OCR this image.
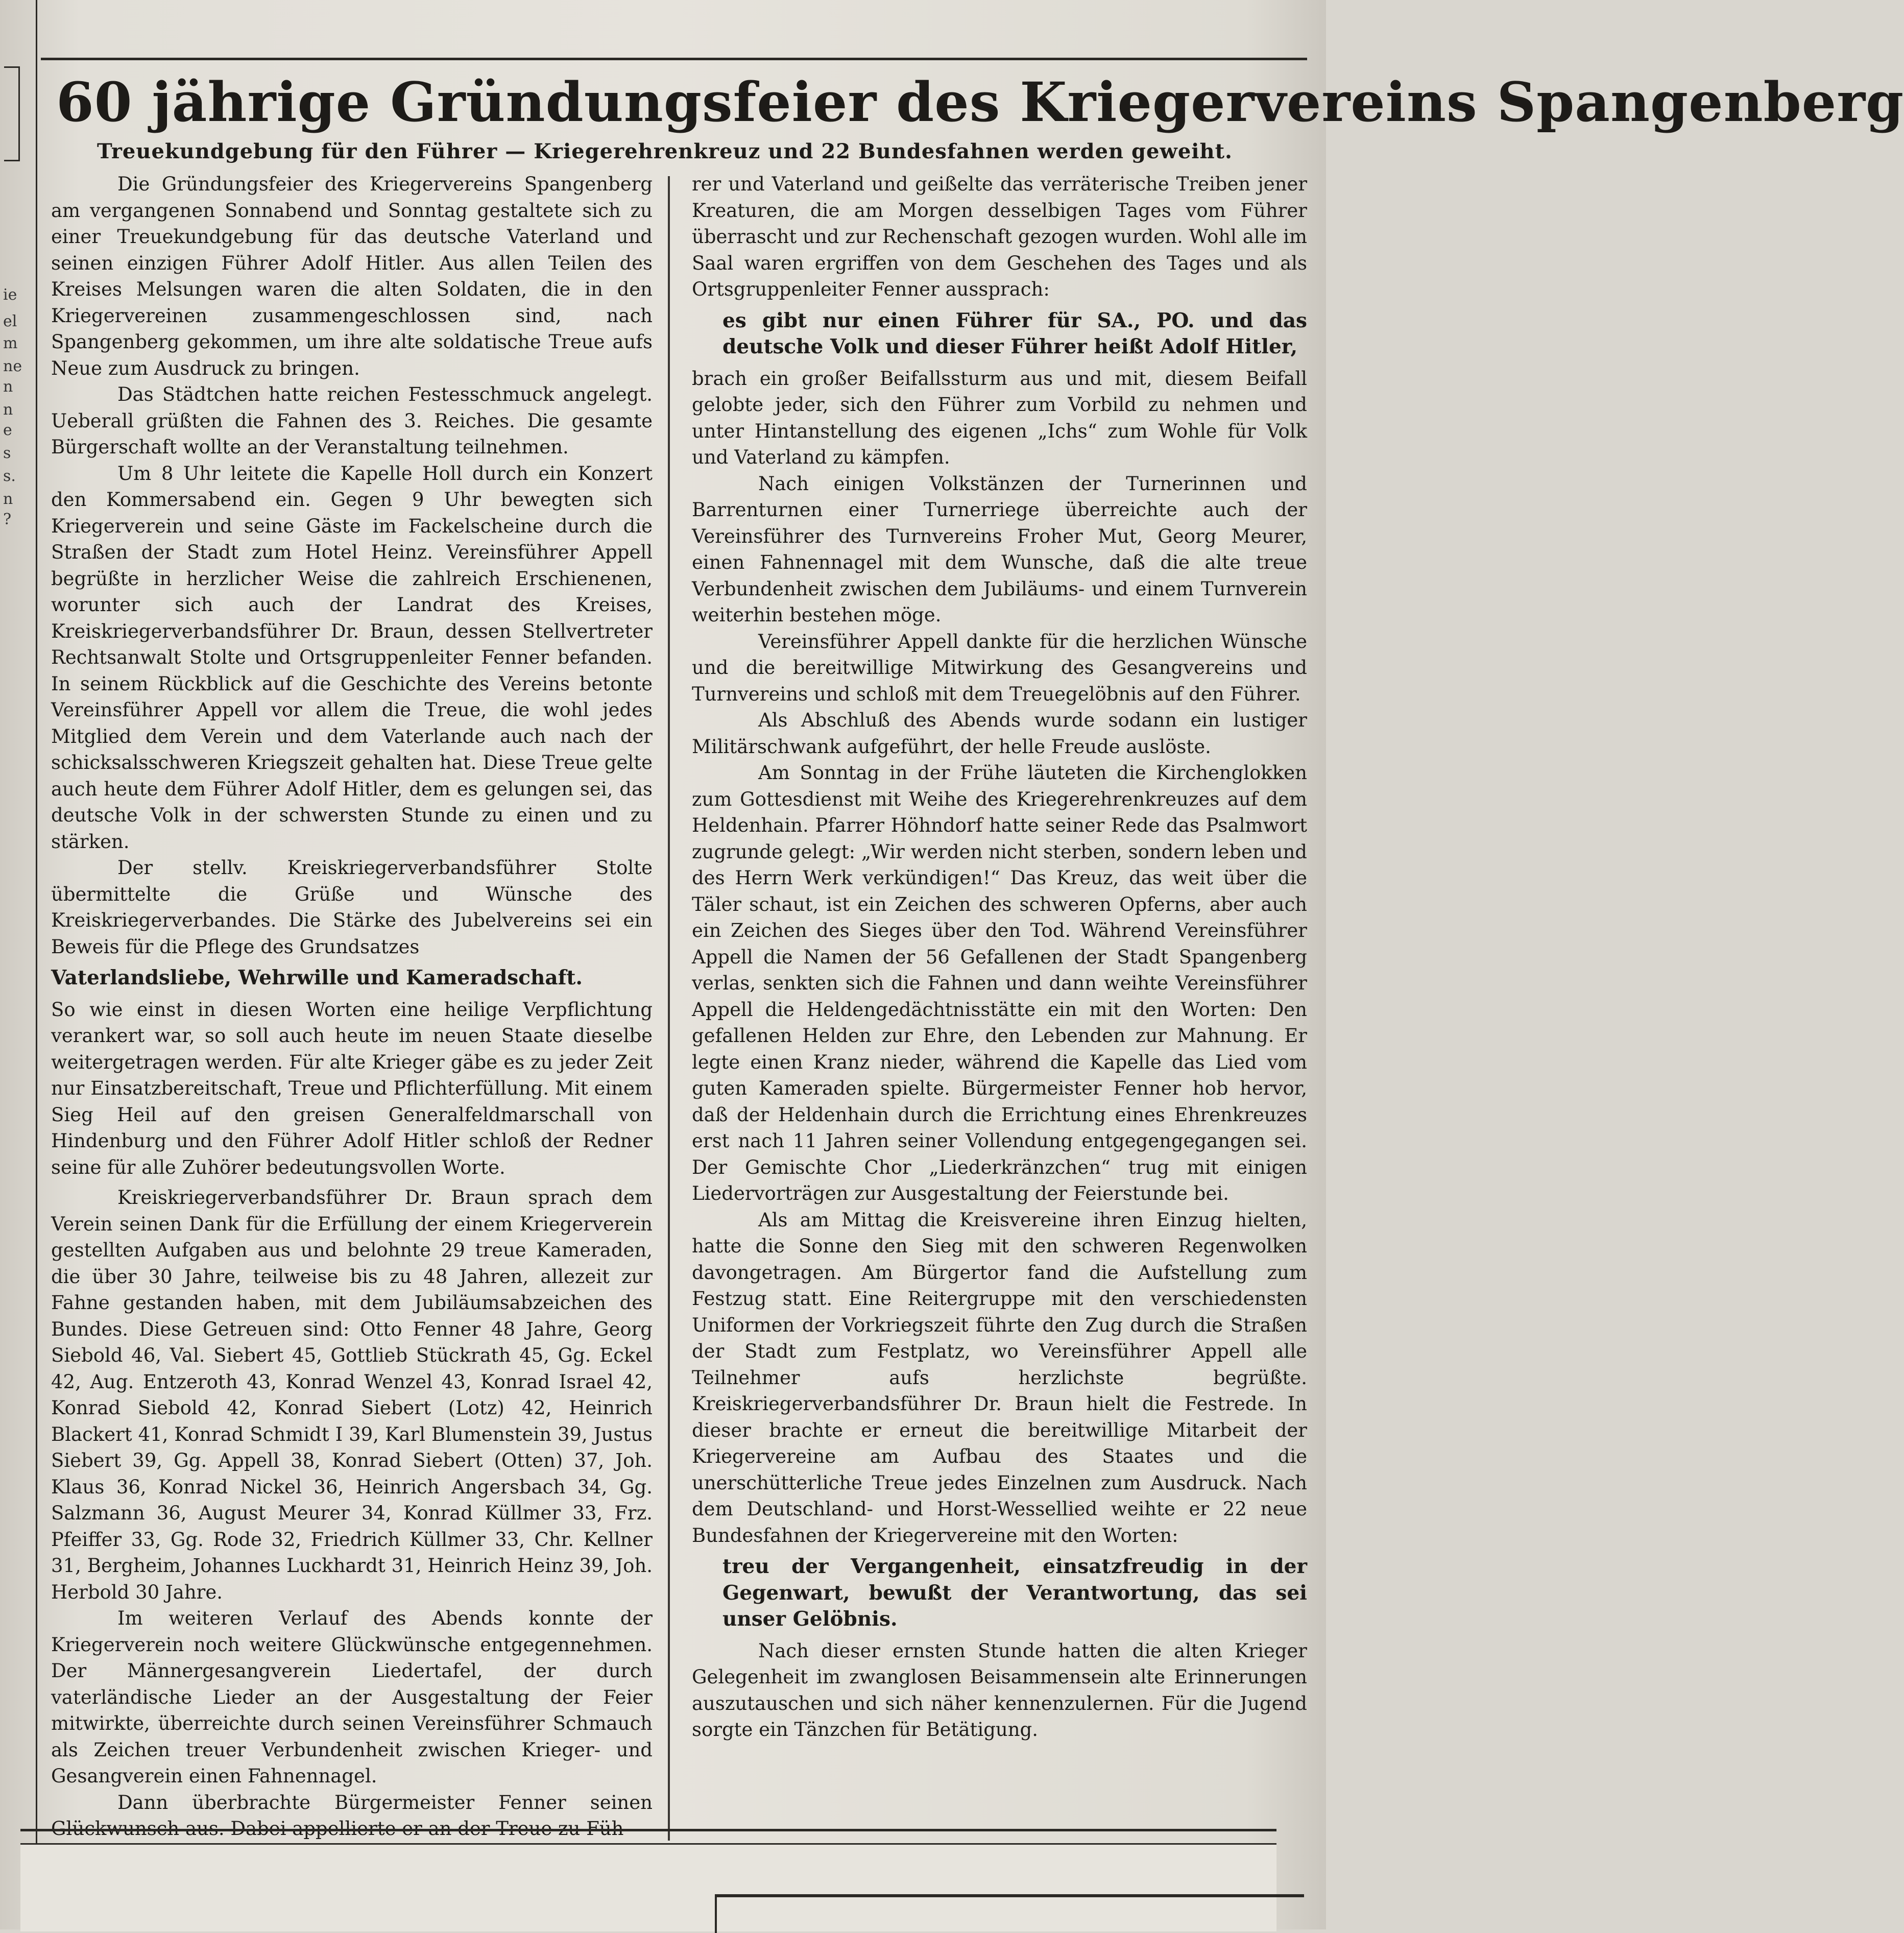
ie
el
m
ne
n
n
e
s
s.
n
?
60 jährige Gründungsfeier des Kriegervereins Spangenberg
Treuekundgebung für den Führer — Kriegerehrenkreuz und 22 Bundesfahnen werden geweiht.

Die Gründungsfeier des Kriegervereins Spangenberg am vergangenen Sonnabend und Sonntag gestaltete sich zu einer Treuekundgebung für das deutsche Vaterland und seinen einzigen Führer Adolf Hitler. Aus allen Teilen des Kreises Melsungen waren die alten Soldaten, die in den Kriegervereinen zusammengeschlossen sind, nach Spangenberg gekommen, um ihre alte soldatische Treue aufs Neue zum Ausdruck zu bringen.

Das Städtchen hatte reichen Festesschmuck angelegt. Ueberall grüßten die Fahnen des 3. Reiches. Die gesamte Bürgerschaft wollte an der Veranstaltung teilnehmen.

Um 8 Uhr leitete die Kapelle Holl durch ein Konzert den Kommersabend ein. Gegen 9 Uhr bewegten sich Kriegerverein und seine Gäste im Fackelscheine durch die Straßen der Stadt zum Hotel Heinz. Vereinsführer Appell begrüßte in herzlicher Weise die zahlreich Erschienenen, worunter sich auch der Landrat des Kreises, Kreiskriegerverbandsführer Dr. Braun, dessen Stellvertreter Rechtsanwalt Stolte und Ortsgruppenleiter Fenner befanden. In seinem Rückblick auf die Geschichte des Vereins betonte Vereinsführer Appell vor allem die Treue, die wohl jedes Mitglied dem Verein und dem Vaterlande auch nach der schicksalsschweren Kriegszeit gehalten hat. Diese Treue gelte auch heute dem Führer Adolf Hitler, dem es gelungen sei, das deutsche Volk in der schwersten Stunde zu einen und zu stärken.

Der stellv. Kreiskriegerverbandsführer Stolte übermittelte die Grüße und Wünsche des Kreiskriegerverbandes. Die Stärke des Jubelvereins sei ein Beweis für die Pflege des Grundsatzes

Vaterlandsliebe, Wehrwille und Kameradschaft.

So wie einst in diesen Worten eine heilige Verpflichtung verankert war, so soll auch heute im neuen Staate dieselbe weitergetragen werden. Für alte Krieger gäbe es zu jeder Zeit nur Einsatzbereitschaft, Treue und Pflichterfüllung. Mit einem Sieg Heil auf den greisen Generalfeldmarschall von Hindenburg und den Führer Adolf Hitler schloß der Redner seine für alle Zuhörer bedeutungsvollen Worte.

Kreiskriegerverbandsführer Dr. Braun sprach dem Verein seinen Dank für die Erfüllung der einem Kriegerverein gestellten Aufgaben aus und belohnte 29 treue Kameraden, die über 30 Jahre, teilweise bis zu 48 Jahren, allezeit zur Fahne gestanden haben, mit dem Jubiläumsabzeichen des Bundes. Diese Getreuen sind: Otto Fenner 48 Jahre, Georg Siebold 46, Val. Siebert 45, Gottlieb Stückrath 45, Gg. Eckel 42, Aug. Entzeroth 43, Konrad Wenzel 43, Konrad Israel 42, Konrad Siebold 42, Konrad Siebert (Lotz) 42, Heinrich Blackert 41, Konrad Schmidt I 39, Karl Blumenstein 39, Justus Siebert 39, Gg. Appell 38, Konrad Siebert (Otten) 37, Joh. Klaus 36, Konrad Nickel 36, Heinrich Angersbach 34, Gg. Salzmann 36, August Meurer 34, Konrad Küllmer 33, Frz. Pfeiffer 33, Gg. Rode 32, Friedrich Küllmer 33, Chr. Kellner 31, Bergheim, Johannes Luckhardt 31, Heinrich Heinz 39, Joh. Herbold 30 Jahre.

Im weiteren Verlauf des Abends konnte der Kriegerverein noch weitere Glückwünsche entgegennehmen. Der Männergesangverein Liedertafel, der durch vaterländische Lieder an der Ausgestaltung der Feier mitwirkte, überreichte durch seinen Vereinsführer Schmauch als Zeichen treuer Verbundenheit zwischen Krieger- und Gesangverein einen Fahnennagel.

Dann überbrachte Bürgermeister Fenner seinen Glückwunsch aus. Dabei appellierte er an der Treue zu Füh-

rer und Vaterland und geißelte das verräterische Treiben jener Kreaturen, die am Morgen desselbigen Tages vom Führer überrascht und zur Rechenschaft gezogen wurden. Wohl alle im Saal waren ergriffen von dem Geschehen des Tages und als Ortsgruppenleiter Fenner aussprach:

es gibt nur einen Führer für SA., PO. und das deutsche Volk und dieser Führer heißt Adolf Hitler,

brach ein großer Beifallssturm aus und mit, diesem Beifall gelobte jeder, sich den Führer zum Vorbild zu nehmen und unter Hintanstellung des eigenen „Ichs“ zum Wohle für Volk und Vaterland zu kämpfen.

Nach einigen Volkstänzen der Turnerinnen und Barrenturnen einer Turnerriege überreichte auch der Vereinsführer des Turnvereins Froher Mut, Georg Meurer, einen Fahnennagel mit dem Wunsche, daß die alte treue Verbundenheit zwischen dem Jubiläums- und einem Turnverein weiterhin bestehen möge.

Vereinsführer Appell dankte für die herzlichen Wünsche und die bereitwillige Mitwirkung des Gesangvereins und Turnvereins und schloß mit dem Treuegelöbnis auf den Führer.

Als Abschluß des Abends wurde sodann ein lustiger Militärschwank aufgeführt, der helle Freude auslöste.

Am Sonntag in der Frühe läuteten die Kirchenglokken zum Gottesdienst mit Weihe des Kriegerehrenkreuzes auf dem Heldenhain. Pfarrer Höhndorf hatte seiner Rede das Psalmwort zugrunde gelegt: „Wir werden nicht sterben, sondern leben und des Herrn Werk verkündigen!“ Das Kreuz, das weit über die Täler schaut, ist ein Zeichen des schweren Opferns, aber auch ein Zeichen des Sieges über den Tod. Während Vereinsführer Appell die Namen der 56 Gefallenen der Stadt Spangenberg verlas, senkten sich die Fahnen und dann weihte Vereinsführer Appell die Heldengedächtnisstätte ein mit den Worten: Den gefallenen Helden zur Ehre, den Lebenden zur Mahnung. Er legte einen Kranz nieder, während die Kapelle das Lied vom guten Kameraden spielte. Bürgermeister Fenner hob hervor, daß der Heldenhain durch die Errichtung eines Ehrenkreuzes erst nach 11 Jahren seiner Vollendung entgegengegangen sei. Der Gemischte Chor „Liederkränzchen“ trug mit einigen Liedervorträgen zur Ausgestaltung der Feierstunde bei.

Als am Mittag die Kreisvereine ihren Einzug hielten, hatte die Sonne den Sieg mit den schweren Regenwolken davongetragen. Am Bürgertor fand die Aufstellung zum Festzug statt. Eine Reitergruppe mit den verschiedensten Uniformen der Vorkriegszeit führte den Zug durch die Straßen der Stadt zum Festplatz, wo Vereinsführer Appell alle Teilnehmer aufs herzlichste begrüßte. Kreiskriegerverbandsführer Dr. Braun hielt die Festrede. In dieser brachte er erneut die bereitwillige Mitarbeit der Kriegervereine am Aufbau des Staates und die unerschütterliche Treue jedes Einzelnen zum Ausdruck. Nach dem Deutschland- und Horst-Wessellied weihte er 22 neue Bundesfahnen der Kriegervereine mit den Worten:

treu der Vergangenheit, einsatzfreudig in der Gegenwart, bewußt der Verantwortung, das sei unser Gelöbnis.

Nach dieser ernsten Stunde hatten die alten Krieger Gelegenheit im zwanglosen Beisammensein alte Erinnerungen auszutauschen und sich näher kennenzulernen. Für die Jugend sorgte ein Tänzchen für Betätigung.
